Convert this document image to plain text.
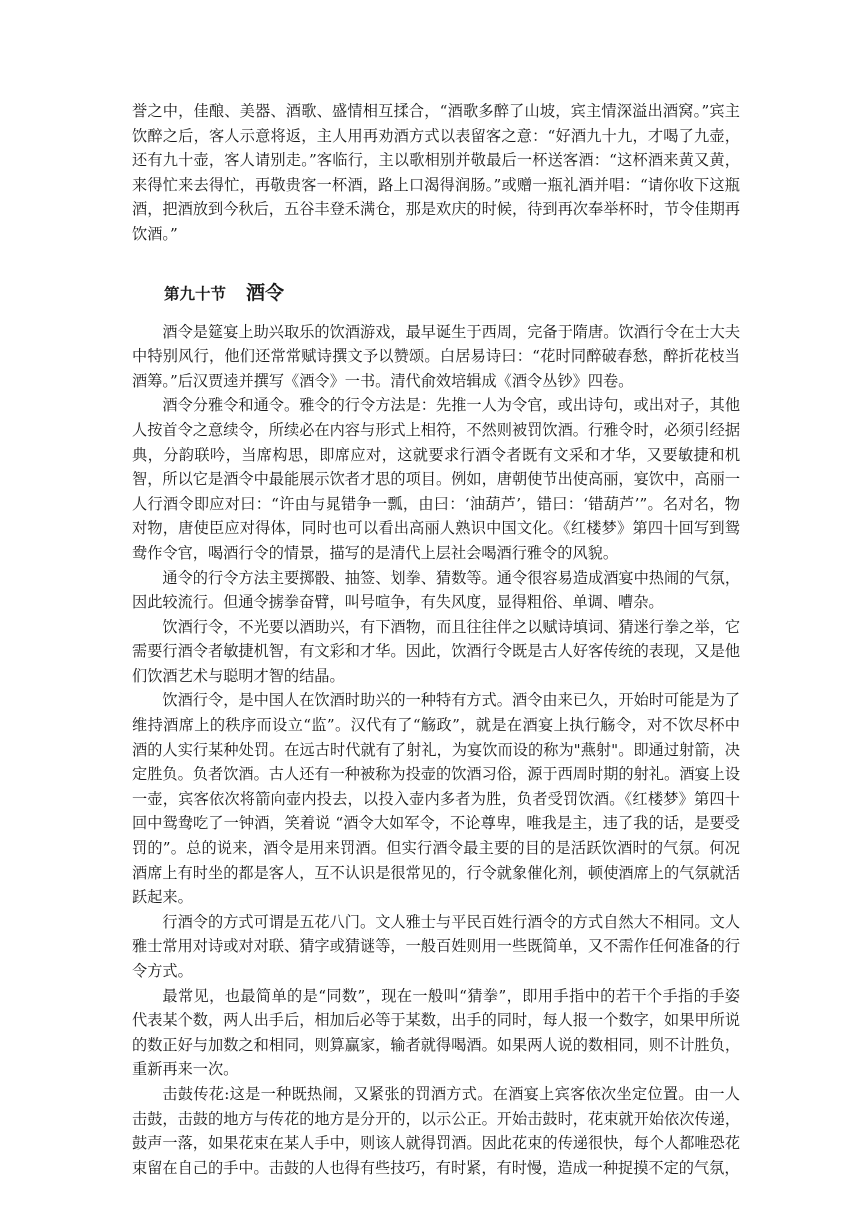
誉之中，佳酿、美器、酒歌、盛情相互揉合，“酒歌多醉了山坡，宾主情深溢出酒窝。”宾主饮醉之后，客人示意将返，主人用再劝酒方式以表留客之意：“好酒九十九，才喝了九壶，还有九十壶，客人请别走。”客临行，主以歌相别并敬最后一杯送客酒：“这杯酒来黄又黄，来得忙来去得忙，再敬贵客一杯酒，路上口渴得润肠。”或赠一瓶礼酒并唱：“请你收下这瓶酒，把酒放到今秋后，五谷丰登禾满仓，那是欢庆的时候，待到再次奉举杯时，节令佳期再饮酒。”

第九十节 酒令

酒令是筵宴上助兴取乐的饮酒游戏，最早诞生于西周，完备于隋唐。饮酒行令在士大夫中特别风行，他们还常常赋诗撰文予以赞颂。白居易诗曰：“花时同醉破春愁，醉折花枝当酒筹。”后汉贾逵并撰写《酒令》一书。清代俞效培辑成《酒令丛钞》四卷。

酒令分雅令和通令。雅令的行令方法是：先推一人为令官，或出诗句，或出对子，其他人按首令之意续令，所续必在内容与形式上相符，不然则被罚饮酒。行雅令时，必须引经据典，分韵联吟，当席构思，即席应对，这就要求行酒令者既有文采和才华，又要敏捷和机智，所以它是酒令中最能展示饮者才思的项目。例如，唐朝使节出使高丽，宴饮中，高丽一人行酒令即应对曰：“许由与晁错争一瓢，由曰：‘油葫芦’，错曰：‘错葫芦’”。名对名，物对物，唐使臣应对得体，同时也可以看出高丽人熟识中国文化。《红楼梦》第四十回写到鸳鸯作令官，喝酒行令的情景，描写的是清代上层社会喝酒行雅令的风貌。

通令的行令方法主要掷骰、抽签、划拳、猜数等。通令很容易造成酒宴中热闹的气氛，因此较流行。但通令掳拳奋臂，叫号喧争，有失风度，显得粗俗、单调、嘈杂。

饮酒行令，不光要以酒助兴，有下酒物，而且往往伴之以赋诗填词、猜迷行拳之举，它需要行酒令者敏捷机智，有文彩和才华。因此，饮酒行令既是古人好客传统的表现，又是他们饮酒艺术与聪明才智的结晶。

饮酒行令，是中国人在饮酒时助兴的一种特有方式。酒令由来已久，开始时可能是为了维持酒席上的秩序而设立“监”。汉代有了“觞政”，就是在酒宴上执行觞令，对不饮尽杯中酒的人实行某种处罚。在远古时代就有了射礼，为宴饮而设的称为"燕射"。即通过射箭，决定胜负。负者饮酒。古人还有一种被称为投壶的饮酒习俗，源于西周时期的射礼。酒宴上设一壶，宾客依次将箭向壶内投去，以投入壶内多者为胜，负者受罚饮酒。《红楼梦》第四十回中鸳鸯吃了一钟酒，笑着说 “酒令大如军令，不论尊卑，唯我是主，违了我的话，是要受罚的”。总的说来，酒令是用来罚酒。但实行酒令最主要的目的是活跃饮酒时的气氛。何况酒席上有时坐的都是客人，互不认识是很常见的，行令就象催化剂，顿使酒席上的气氛就活跃起来。

行酒令的方式可谓是五花八门。文人雅士与平民百姓行酒令的方式自然大不相同。文人雅士常用对诗或对对联、猜字或猜谜等，一般百姓则用一些既简单，又不需作任何准备的行令方式。

最常见，也最简单的是“同数”，现在一般叫“猜拳”，即用手指中的若干个手指的手姿代表某个数，两人出手后，相加后必等于某数，出手的同时，每人报一个数字，如果甲所说的数正好与加数之和相同，则算赢家，输者就得喝酒。如果两人说的数相同，则不计胜负，重新再来一次。

击鼓传花:这是一种既热闹，又紧张的罚酒方式。在酒宴上宾客依次坐定位置。由一人击鼓，击鼓的地方与传花的地方是分开的，以示公正。开始击鼓时，花束就开始依次传递，鼓声一落，如果花束在某人手中，则该人就得罚酒。因此花束的传递很快，每个人都唯恐花束留在自己的手中。击鼓的人也得有些技巧，有时紧，有时慢，造成一种捉摸不定的气氛，
